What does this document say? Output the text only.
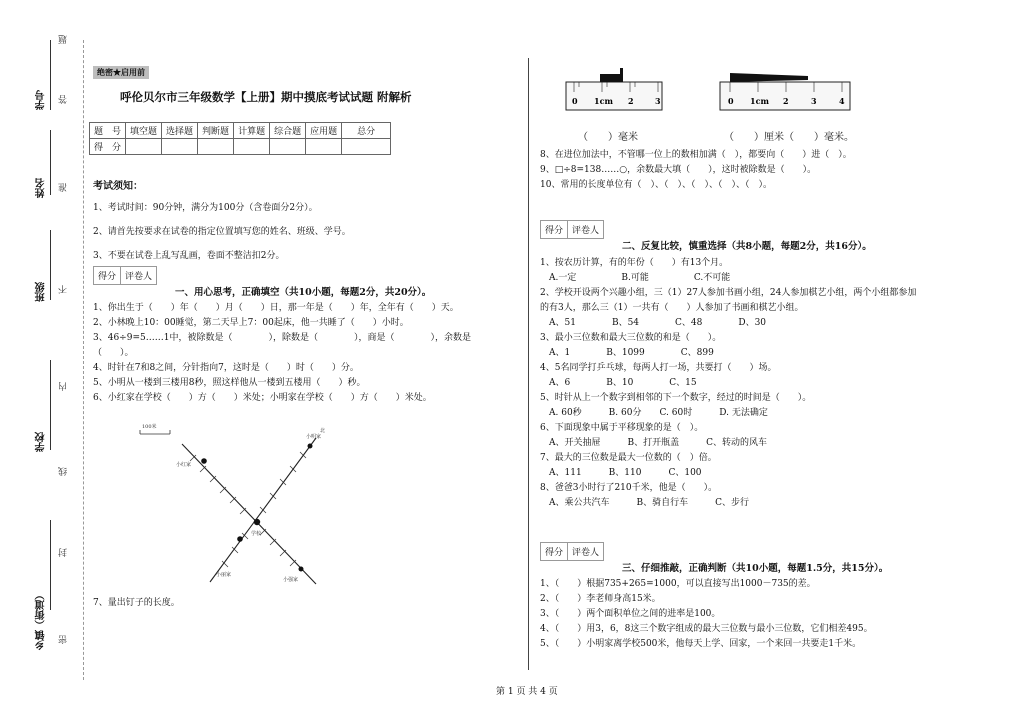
学号
姓名
班级
学校
乡镇（街道）
题
答
准
不
内
线
封
密
绝密★启用前
呼伦贝尔市三年级数学【上册】期中摸底考试试题 附解析
题　号	填空题	选择题	判断题	计算题	综合题	应用题	总分
得　分							
考试须知：
1、考试时间：90分钟，满分为100分（含卷面分2分）。
2、请首先按要求在试卷的指定位置填写您的姓名、班级、学号。
3、不要在试卷上乱写乱画，卷面不整洁扣2分。
得分	评卷人
一、用心思考，正确填空（共10小题，每题2分，共20分）。
1、你出生于（　　）年（　　）月（　　）日，那一年是（　　）年，全年有（　　）天。
2、小林晚上10：00睡觉，第二天早上7：00起床，他一共睡了（　　）小时。
3、46÷9=5……1中，被除数是（　　　　），除数是（　　　　），商是（　　　　），余数是
（　　）。
4、时针在7和8之间，分针指向7，这时是（　　）时（　　）分。
5、小明从一楼到三楼用8秒，照这样他从一楼到五楼用（　　）秒。
6、小红家在学校（　　）方（　　）米处；小明家在学校（　　）方（　　）米处。
100米
北
小明家
小红家
学校
小丽家
小强家
7、量出钉子的长度。
0 1cm 2	3	0 1cm 2	3	4
（　　）毫米	（　　）厘米（　　）毫米。
8、在进位加法中，不管哪一位上的数相加满（　），都要向（　　）进（　）。
9、□÷8=138……○，余数最大填（　　），这时被除数是（　　）。
10、常用的长度单位有（　）、（　）、（　）、（　）、（　）。
得分	评卷人
二、反复比较，慎重选择（共8小题，每题2分，共16分）。
1、按农历计算，有的年份（　　）有13个月。
　A.一定　　　　　B.可能　　　　　C.不可能
2、学校开设两个兴趣小组，三（1）27人参加书画小组，24人参加棋艺小组，两个小组都参加
的有3人，那么三（1）一共有（　　）人参加了书画和棋艺小组。
　A、51　　　　B、54　　　　C、48　　　　D、30
3、最小三位数和最大三位数的和是（　　）。
　A、1　　　　B、1099　　　　C、899
4、5名同学打乒乓球，每两人打一场，共要打（　　）场。
　A、6　　　　B、10　　　　C、15
5、时针从上一个数字到相邻的下一个数字，经过的时间是（　　）。
　A. 60秒　　　B. 60分　　C. 60时　　　D. 无法确定
6、下面现象中属于平移现象的是（　）。
　A、开关抽屉　　　B、打开瓶盖　　　C、转动的风车
7、最大的三位数是最大一位数的（　）倍。
　A、111　　　B、110　　　C、100
8、爸爸3小时行了210千米，他是（　　）。
　A、乘公共汽车　　　B、骑自行车　　　C、步行
得分	评卷人
三、仔细推敲，正确判断（共10小题，每题1.5分，共15分）。
1、（　　）根据735+265=1000，可以直接写出1000－735的差。
2、（　　）李老师身高15米。
3、（　　）两个面积单位之间的进率是100。
4、（　　）用3，6，8这三个数字组成的最大三位数与最小三位数，它们相差495。
5、（　　）小明家离学校500米，他每天上学、回家，一个来回一共要走1千米。
第 1 页 共 4 页
